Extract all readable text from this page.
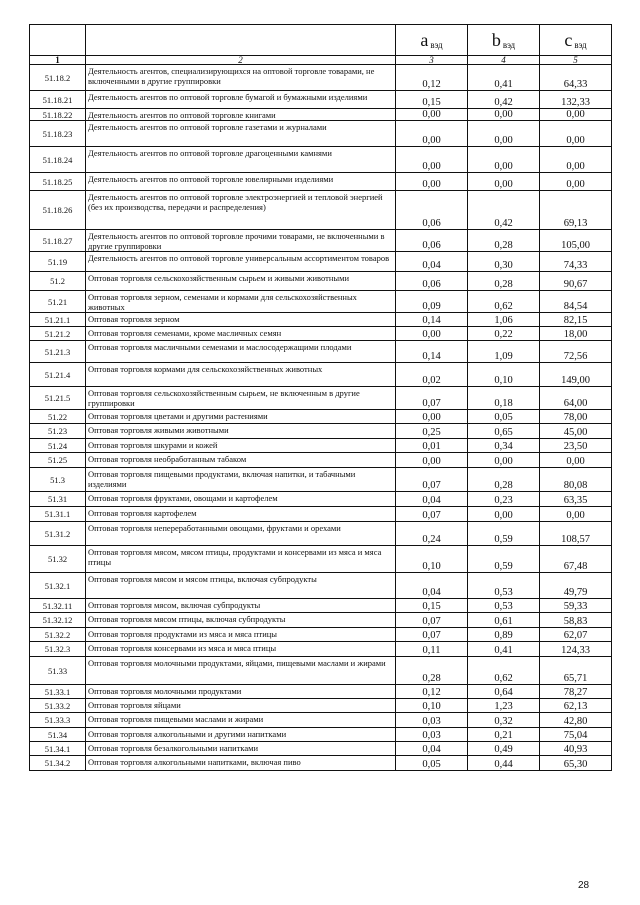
		a $_{вэд}$	b $_{вэд}$	c $_{вэд}$
1	2	3	4	5
51.18.2	Деятельность агентов, специализирующихся на оптовой торговле товарами, не включенными в другие группировки	0,12	0,41	64,33
51.18.21	Деятельность агентов по оптовой торговле бумагой и бумажными изделиями	0,15	0,42	132,33
51.18.22	Деятельность агентов по оптовой торговле книгами	0,00	0,00	0,00
51.18.23	Деятельность агентов по оптовой торговле газетами и журналами	0,00	0,00	0,00
51.18.24	Деятельность агентов по оптовой торговле драгоценными камнями	0,00	0,00	0,00
51.18.25	Деятельность агентов по оптовой торговле ювелирными изделиями	0,00	0,00	0,00
51.18.26	Деятельность агентов по оптовой торговле электроэнергией и тепловой энергией (без их производства, передачи и распределения)	0,06	0,42	69,13
51.18.27	Деятельность агентов по оптовой торговле прочими товарами, не включенными в другие группировки	0,06	0,28	105,00
51.19	Деятельность агентов по оптовой торговле универсальным ассортиментом товаров	0,04	0,30	74,33
51.2	Оптовая торговля сельскохозяйственным сырьем и живыми животными	0,06	0,28	90,67
51.21	Оптовая торговля зерном, семенами и кормами для сельскохозяйственных животных	0,09	0,62	84,54
51.21.1	Оптовая торговля зерном	0,14	1,06	82,15
51.21.2	Оптовая торговля семенами, кроме масличных семян	0,00	0,22	18,00
51.21.3	Оптовая торговля масличными семенами и маслосодержащими плодами	0,14	1,09	72,56
51.21.4	Оптовая торговля кормами для сельскохозяйственных животных	0,02	0,10	149,00
51.21.5	Оптовая торговля сельскохозяйственным сырьем, не включенным в другие группировки	0,07	0,18	64,00
51.22	Оптовая торговля цветами и другими растениями	0,00	0,05	78,00
51.23	Оптовая торговля живыми животными	0,25	0,65	45,00
51.24	Оптовая торговля шкурами и кожей	0,01	0,34	23,50
51.25	Оптовая торговля необработанным табаком	0,00	0,00	0,00
51.3	Оптовая торговля пищевыми продуктами, включая напитки, и табачными изделиями	0,07	0,28	80,08
51.31	Оптовая торговля фруктами, овощами и картофелем	0,04	0,23	63,35
51.31.1	Оптовая торговля картофелем	0,07	0,00	0,00
51.31.2	Оптовая торговля непереработанными овощами, фруктами и орехами	0,24	0,59	108,57
51.32	Оптовая торговля мясом, мясом птицы, продуктами и консервами из мяса и мяса птицы	0,10	0,59	67,48
51.32.1	Оптовая торговля мясом и мясом птицы, включая субпродукты	0,04	0,53	49,79
51.32.11	Оптовая торговля мясом, включая субпродукты	0,15	0,53	59,33
51.32.12	Оптовая торговля мясом птицы, включая субпродукты	0,07	0,61	58,83
51.32.2	Оптовая торговля продуктами из мяса и мяса птицы	0,07	0,89	62,07
51.32.3	Оптовая торговля консервами из мяса и мяса птицы	0,11	0,41	124,33
51.33	Оптовая торговля молочными продуктами, яйцами, пищевыми маслами и жирами	0,28	0,62	65,71
51.33.1	Оптовая торговля молочными продуктами	0,12	0,64	78,27
51.33.2	Оптовая торговля яйцами	0,10	1,23	62,13
51.33.3	Оптовая торговля пищевыми маслами и жирами	0,03	0,32	42,80
51.34	Оптовая торговля алкогольными и другими напитками	0,03	0,21	75,04
51.34.1	Оптовая торговля безалкогольными напитками	0,04	0,49	40,93
51.34.2	Оптовая торговля алкогольными напитками, включая пиво	0,05	0,44	65,30
28
